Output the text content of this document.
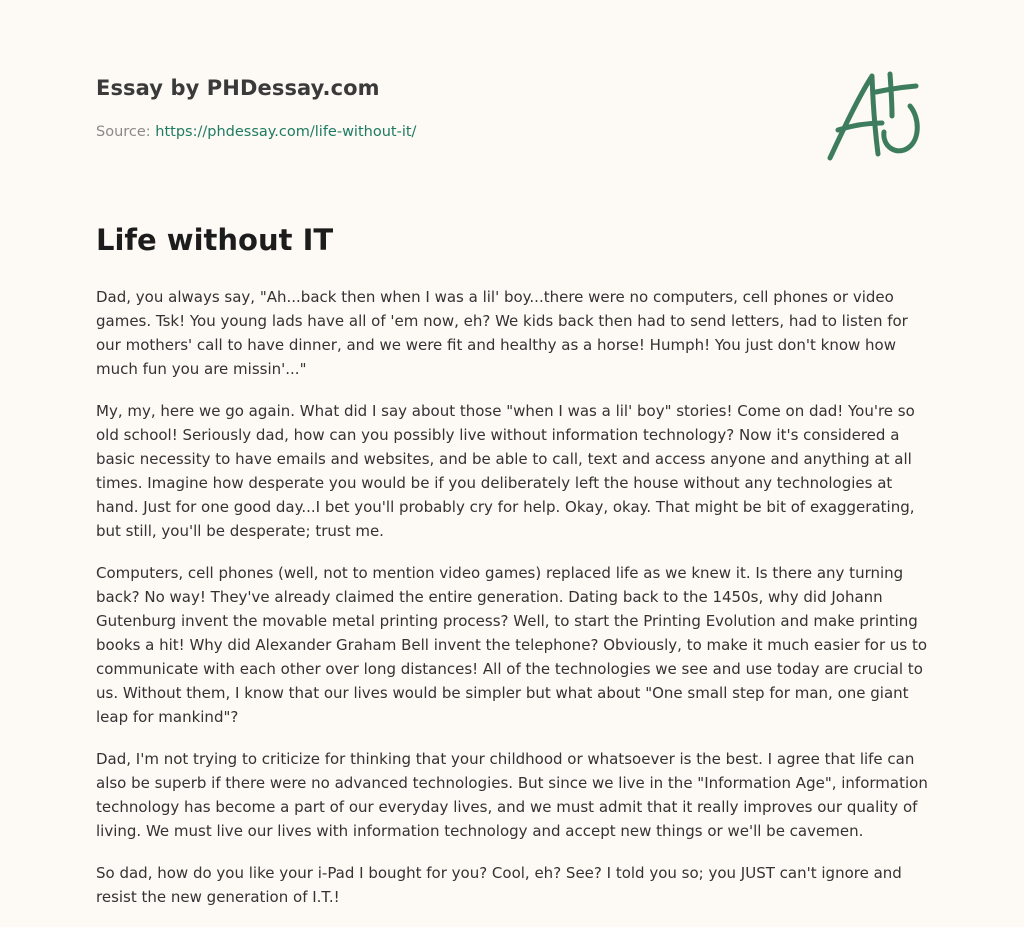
Essay by PHDessay.com
Source: https://phdessay.com/life-without-it/
Life without IT

Dad, you always say, "Ah...back then when I was a lil' boy...there were no computers, cell phones or video games. Tsk! You young lads have all of 'em now, eh? We kids back then had to send letters, had to listen for our mothers' call to have dinner, and we were fit and healthy as a horse! Humph! You just don't know how much fun you are missin'..."

My, my, here we go again. What did I say about those "when I was a lil' boy" stories! Come on dad! You're so old school! Seriously dad, how can you possibly live without information technology? Now it's considered a basic necessity to have emails and websites, and be able to call, text and access anyone and anything at all times. Imagine how desperate you would be if you deliberately left the house without any technologies at hand. Just for one good day...I bet you'll probably cry for help. Okay, okay. That might be bit of exaggerating, but still, you'll be desperate; trust me.

Computers, cell phones (well, not to mention video games) replaced life as we knew it. Is there any turning back? No way! They've already claimed the entire generation. Dating back to the 1450s, why did Johann Gutenburg invent the movable metal printing process? Well, to start the Printing Evolution and make printing books a hit! Why did Alexander Graham Bell invent the telephone? Obviously, to make it much easier for us to communicate with each other over long distances! All of the technologies we see and use today are crucial to us. Without them, I know that our lives would be simpler but what about "One small step for man, one giant leap for mankind"?

Dad, I'm not trying to criticize for thinking that your childhood or whatsoever is the best. I agree that life can also be superb if there were no advanced technologies. But since we live in the "Information Age", information technology has become a part of our everyday lives, and we must admit that it really improves our quality of living. We must live our lives with information technology and accept new things or we'll be cavemen.

So dad, how do you like your i-Pad I bought for you? Cool, eh? See? I told you so; you JUST can't ignore and resist the new generation of I.T.!
